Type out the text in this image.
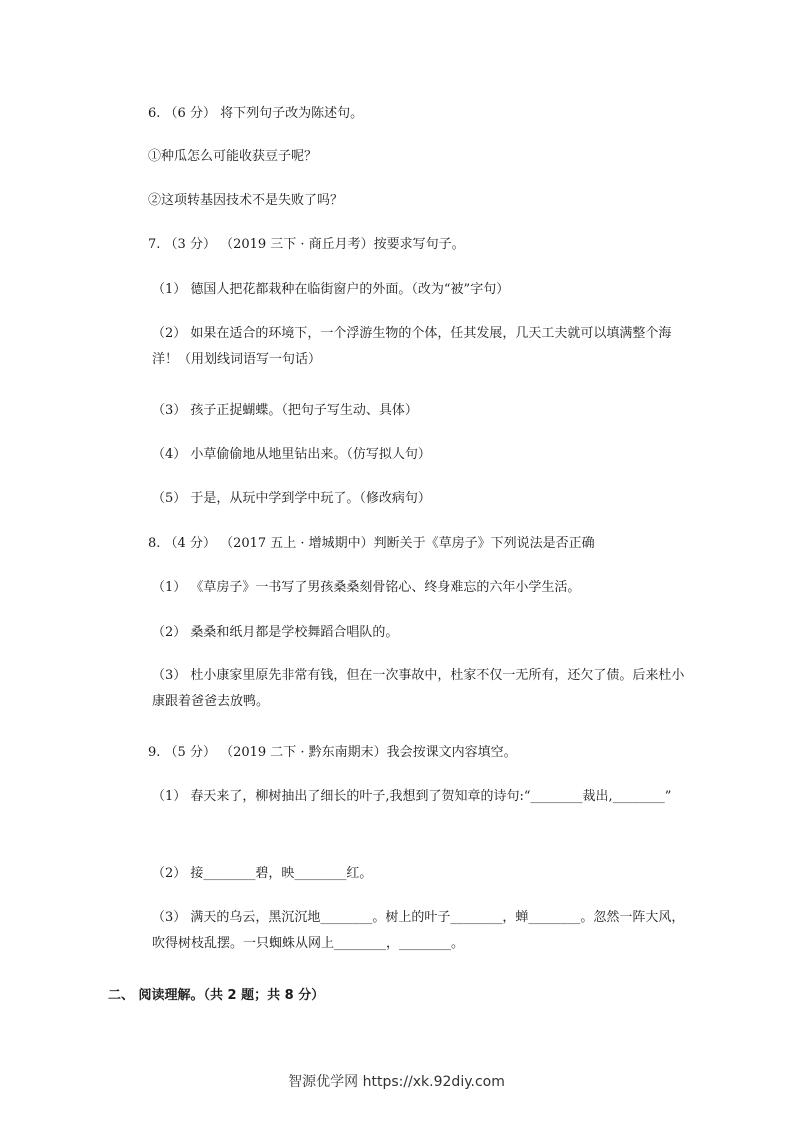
6. （6 分） 将下列句子改为陈述句。
①种瓜怎么可能收获豆子呢？
②这项转基因技术不是失败了吗？
7. （3 分） （2019 三下 · 商丘月考）按要求写句子。
（1） 德国人把花都栽种在临街窗户的外面。（改为“被”字句）
（2） 如果在适合的环境下，一个浮游生物的个体，任其发展，几天工夫就可以填满整个海洋！（用划线词语写一句话）
（3） 孩子正捉蝴蝶。（把句子写生动、具体）
（4） 小草偷偷地从地里钻出来。（仿写拟人句）
（5） 于是，从玩中学到学中玩了。（修改病句）
8. （4 分） （2017 五上 · 增城期中）判断关于《草房子》下列说法是否正确
（1） 《草房子》一书写了男孩桑桑刻骨铭心、终身难忘的六年小学生活。
（2） 桑桑和纸月都是学校舞蹈合唱队的。
（3） 杜小康家里原先非常有钱，但在一次事故中，杜家不仅一无所有，还欠了债。后来杜小康跟着爸爸去放鸭。
9. （5 分） （2019 二下 · 黔东南期末）我会按课文内容填空。
（1） 春天来了，柳树抽出了细长的叶子,我想到了贺知章的诗句:“________裁出,________”
（2） 接________碧，映________红。
（3） 满天的乌云，黑沉沉地________。树上的叶子________，蝉________。忽然一阵大风，吹得树枝乱摆。一只蜘蛛从网上________，________。
二、 阅读理解。（共 2 题；共 8 分）
智源优学网 https://xk.92diy.com
